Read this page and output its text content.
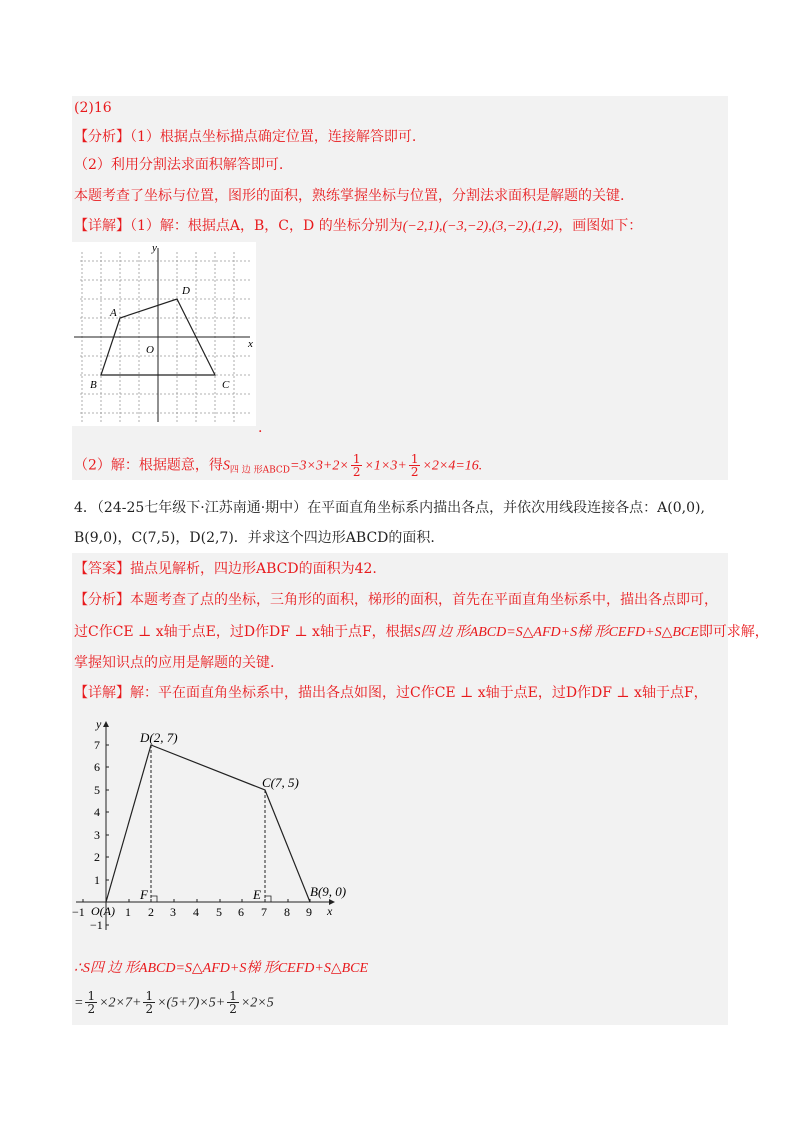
(2)16
【分析】（1）根据点坐标描点确定位置，连接解答即可.
（2）利用分割法求面积解答即可.
本题考查了坐标与位置，图形的面积，熟练掌握坐标与位置，分割法求面积是解题的关键.
【详解】（1）解：根据点A，B，C，D 的坐标分别为(−2,1),(−3,−2),(3,−2),(1,2)，画图如下：
y
x
A
B	C
D
O
.
（2）解：根据题意，得$S_{四 边 形ABCD}=3\times 3+2\times \frac{1}{2} \times 1\times 3+ \frac{1}{2} \times 2\times 4=16$.
4．（24-25七年级下·江苏南通·期中）在平面直角坐标系内描出各点，并依次用线段连接各点：A(0,0),
B(9,0)，C(7,5)，D(2,7)．并求这个四边形ABCD的面积.
【答案】描点见解析，四边形ABCD的面积为42.
【分析】本题考查了点的坐标，三角形的面积，梯形的面积，首先在平面直角坐标系中，描出各点即可，
过C作CE ⊥ x轴于点E，过D作DF ⊥ x轴于点F，根据S四 边 形ABCD=S△AFD+S梯 形CEFD+S△BCE即可求解，
掌握知识点的应用是解题的关键.
【详解】解：平在面直角坐标系中，描出各点如图，过C作CE ⊥ x轴于点E，过D作DF ⊥ x轴于点F，
−1	1 2 3 4 5 6 7 8 9
−1
1
2
3
4
5
6
7
y
x
D(2, 7)
C(7, 5)
B(9, 0)
F	E
O(A)
∴S四 边 形ABCD=S△AFD+S梯 形CEFD+S△BCE
= $\frac{1}{2} \times 2\times 7+ \frac{1}{2} \times(5+7)\times 5+ \frac{1}{2} \times 2\times 5$
